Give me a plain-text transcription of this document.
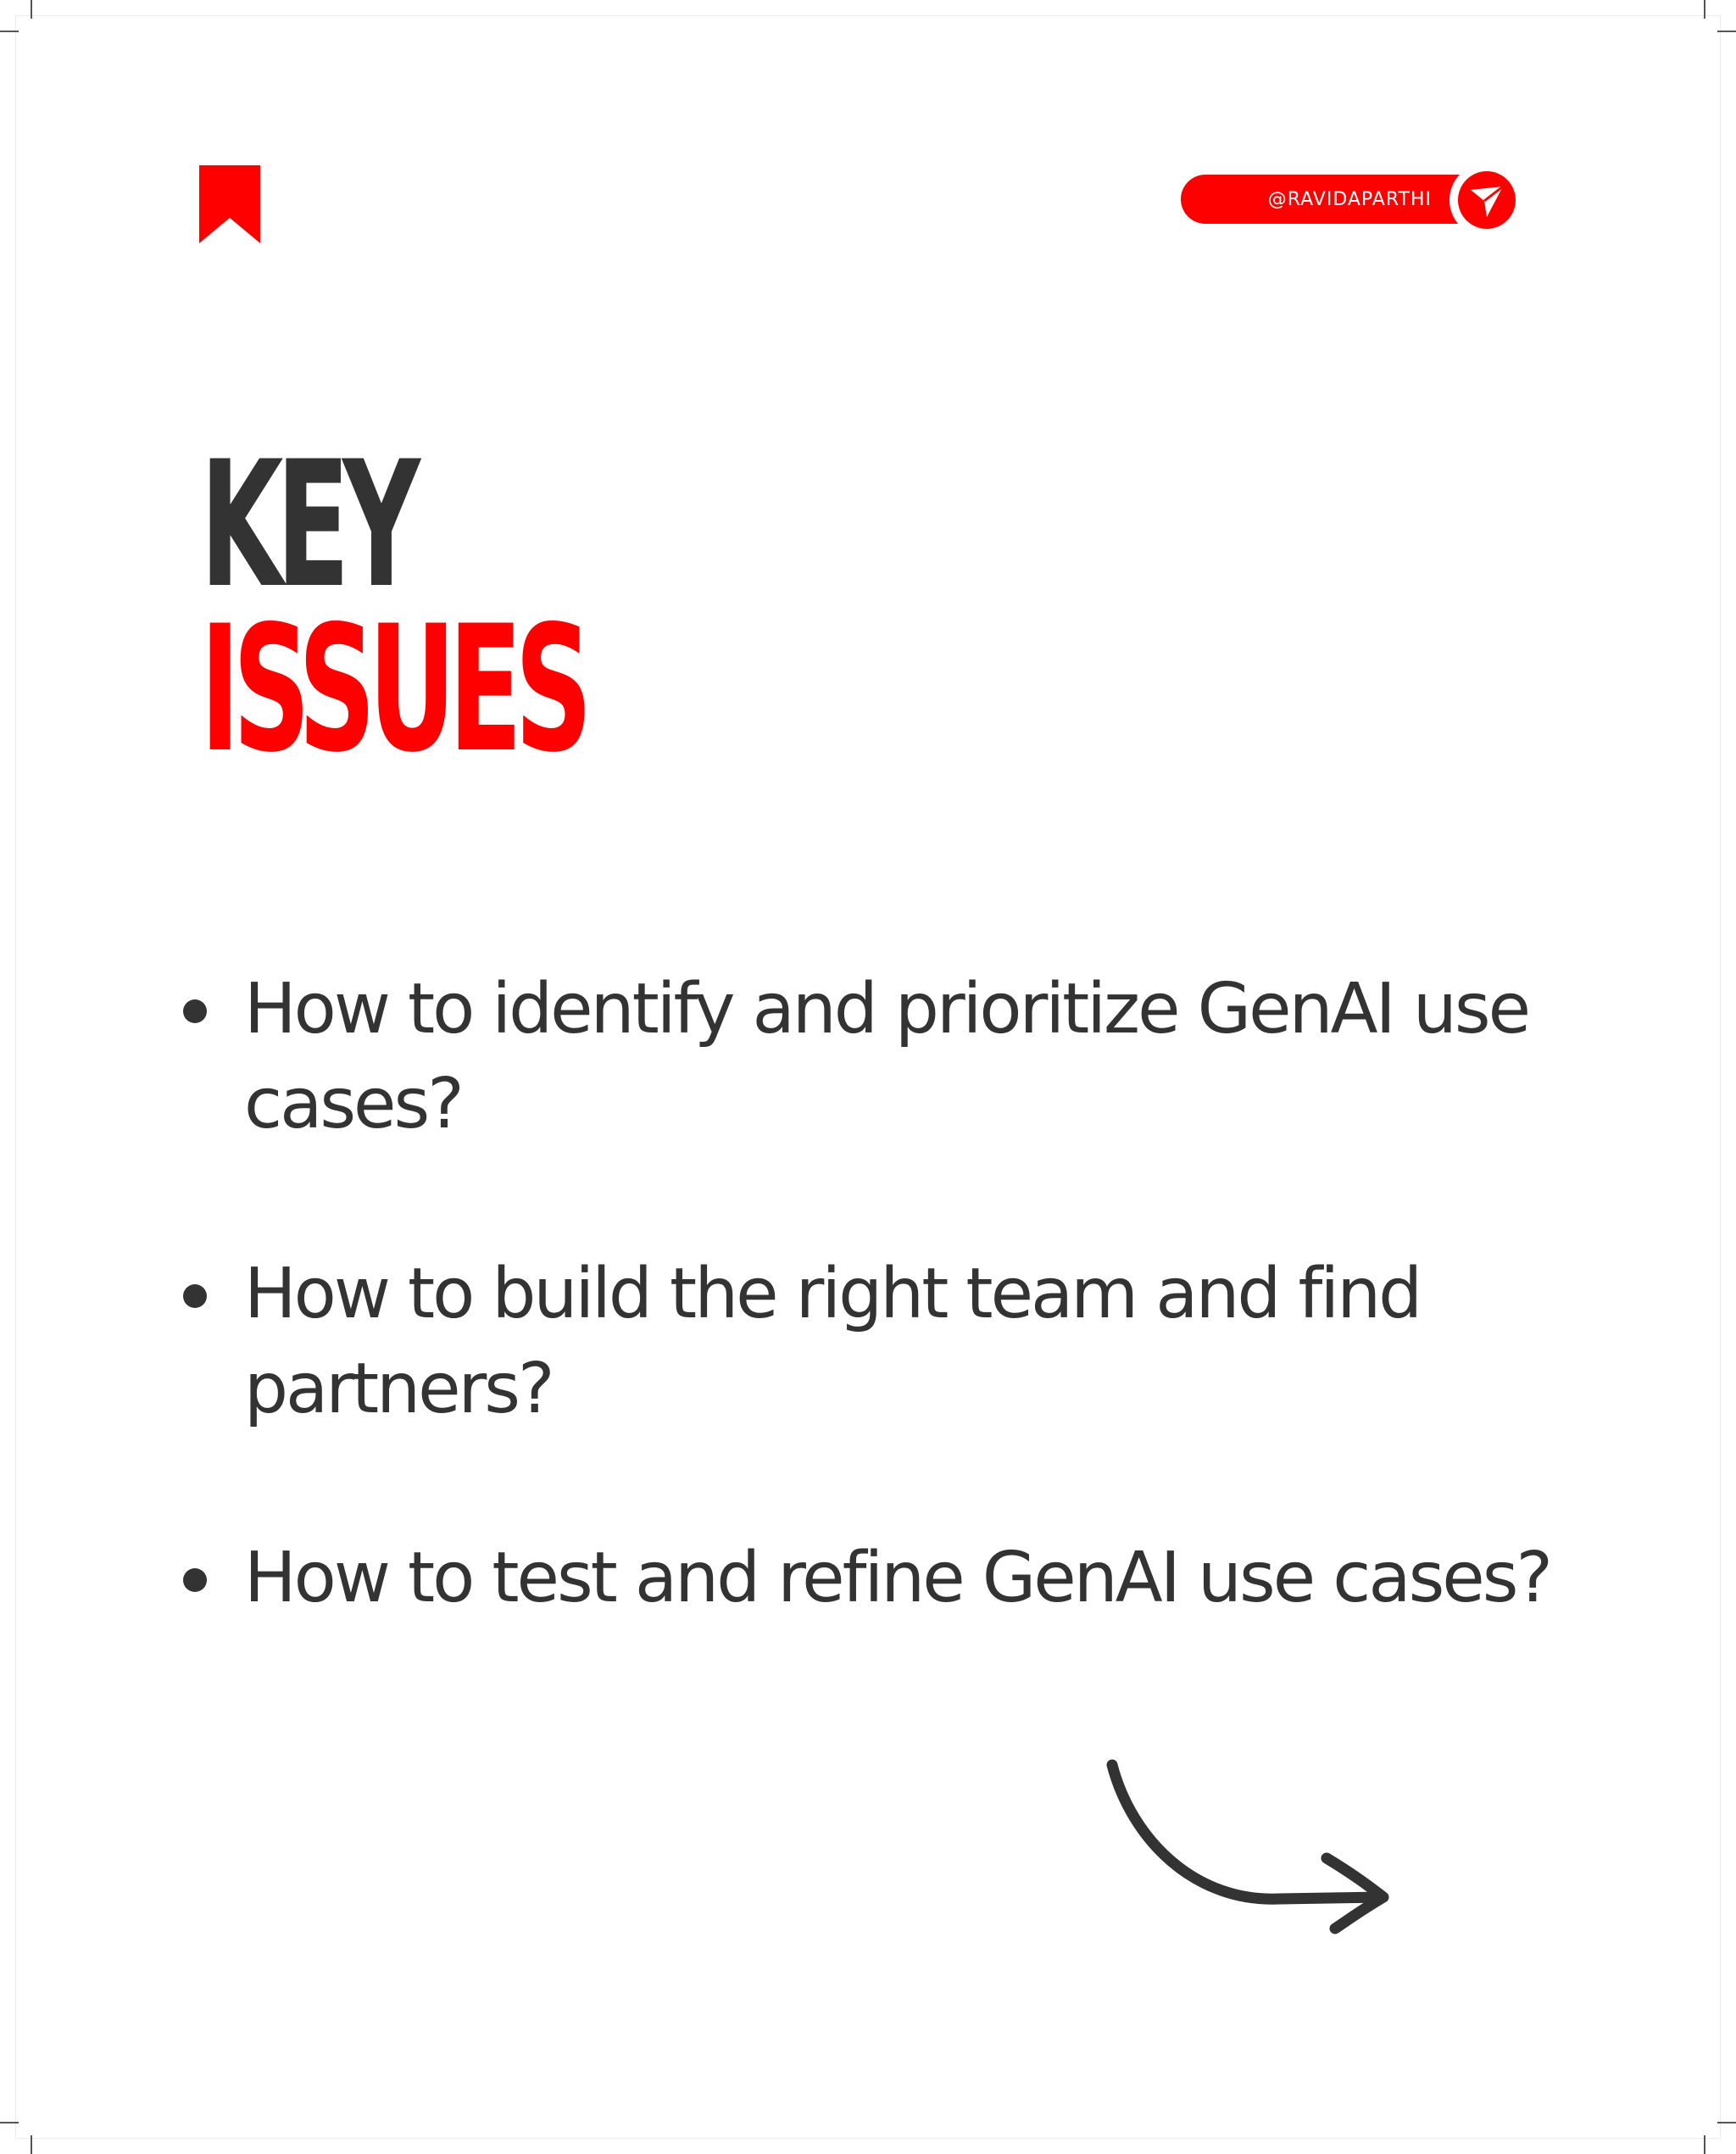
@RAVIDAPARTHI
KEY
ISSUES
How to identify and prioritize GenAI use cases?
How to build the right team and find partners?
How to test and refine GenAI use cases?
